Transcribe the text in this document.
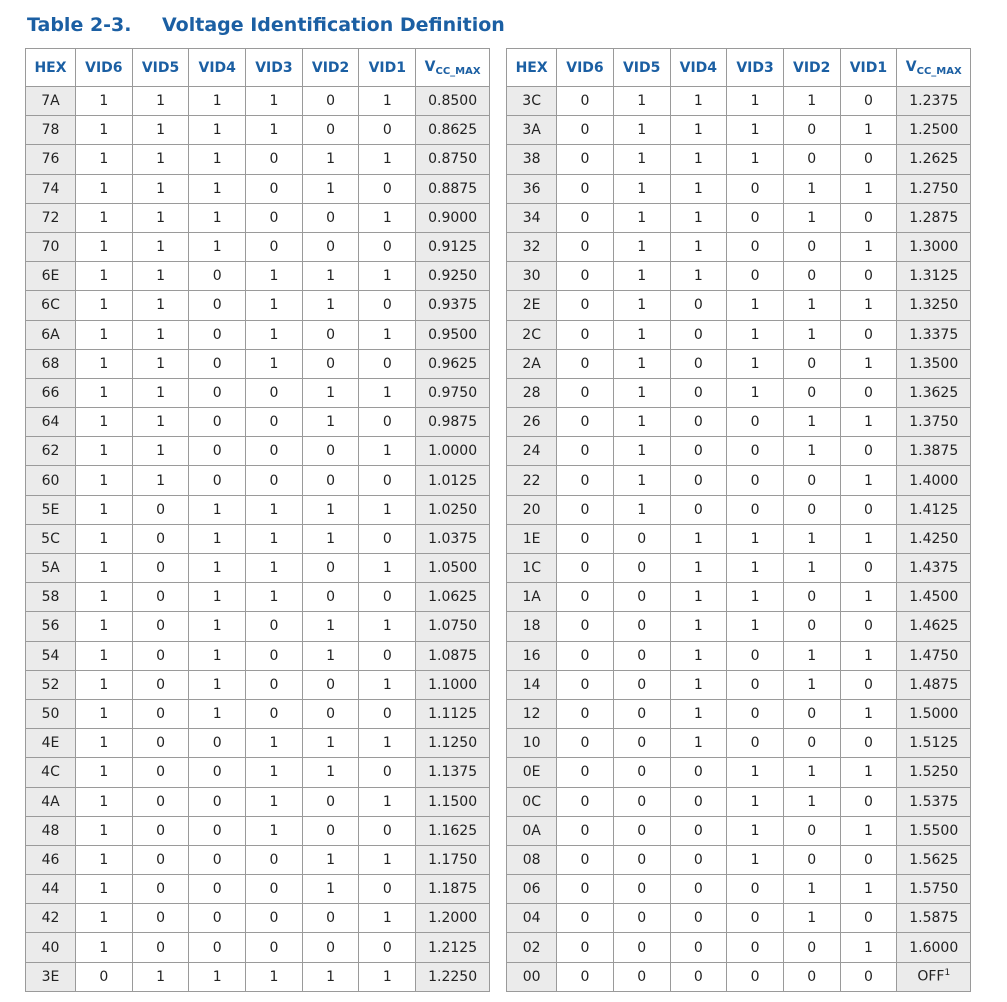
Table 2-3. Voltage Identification Definition
HEX	VID6	VID5	VID4	VID3	VID2	VID1	$V_{CC\_MAX}$
7A	1	1	1	1	0	1	0.8500
78	1	1	1	1	0	0	0.8625
76	1	1	1	0	1	1	0.8750
74	1	1	1	0	1	0	0.8875
72	1	1	1	0	0	1	0.9000
70	1	1	1	0	0	0	0.9125
6E	1	1	0	1	1	1	0.9250
6C	1	1	0	1	1	0	0.9375
6A	1	1	0	1	0	1	0.9500
68	1	1	0	1	0	0	0.9625
66	1	1	0	0	1	1	0.9750
64	1	1	0	0	1	0	0.9875
62	1	1	0	0	0	1	1.0000
60	1	1	0	0	0	0	1.0125
5E	1	0	1	1	1	1	1.0250
5C	1	0	1	1	1	0	1.0375
5A	1	0	1	1	0	1	1.0500
58	1	0	1	1	0	0	1.0625
56	1	0	1	0	1	1	1.0750
54	1	0	1	0	1	0	1.0875
52	1	0	1	0	0	1	1.1000
50	1	0	1	0	0	0	1.1125
4E	1	0	0	1	1	1	1.1250
4C	1	0	0	1	1	0	1.1375
4A	1	0	0	1	0	1	1.1500
48	1	0	0	1	0	0	1.1625
46	1	0	0	0	1	1	1.1750
44	1	0	0	0	1	0	1.1875
42	1	0	0	0	0	1	1.2000
40	1	0	0	0	0	0	1.2125
3E	0	1	1	1	1	1	1.2250
HEX	VID6	VID5	VID4	VID3	VID2	VID1	$V_{CC\_MAX}$
3C	0	1	1	1	1	0	1.2375
3A	0	1	1	1	0	1	1.2500
38	0	1	1	1	0	0	1.2625
36	0	1	1	0	1	1	1.2750
34	0	1	1	0	1	0	1.2875
32	0	1	1	0	0	1	1.3000
30	0	1	1	0	0	0	1.3125
2E	0	1	0	1	1	1	1.3250
2C	0	1	0	1	1	0	1.3375
2A	0	1	0	1	0	1	1.3500
28	0	1	0	1	0	0	1.3625
26	0	1	0	0	1	1	1.3750
24	0	1	0	0	1	0	1.3875
22	0	1	0	0	0	1	1.4000
20	0	1	0	0	0	0	1.4125
1E	0	0	1	1	1	1	1.4250
1C	0	0	1	1	1	0	1.4375
1A	0	0	1	1	0	1	1.4500
18	0	0	1	1	0	0	1.4625
16	0	0	1	0	1	1	1.4750
14	0	0	1	0	1	0	1.4875
12	0	0	1	0	0	1	1.5000
10	0	0	1	0	0	0	1.5125
0E	0	0	0	1	1	1	1.5250
0C	0	0	0	1	1	0	1.5375
0A	0	0	0	1	0	1	1.5500
08	0	0	0	1	0	0	1.5625
06	0	0	0	0	1	1	1.5750
04	0	0	0	0	1	0	1.5875
02	0	0	0	0	0	1	1.6000
00	0	0	0	0	0	0	OFF$^1$
